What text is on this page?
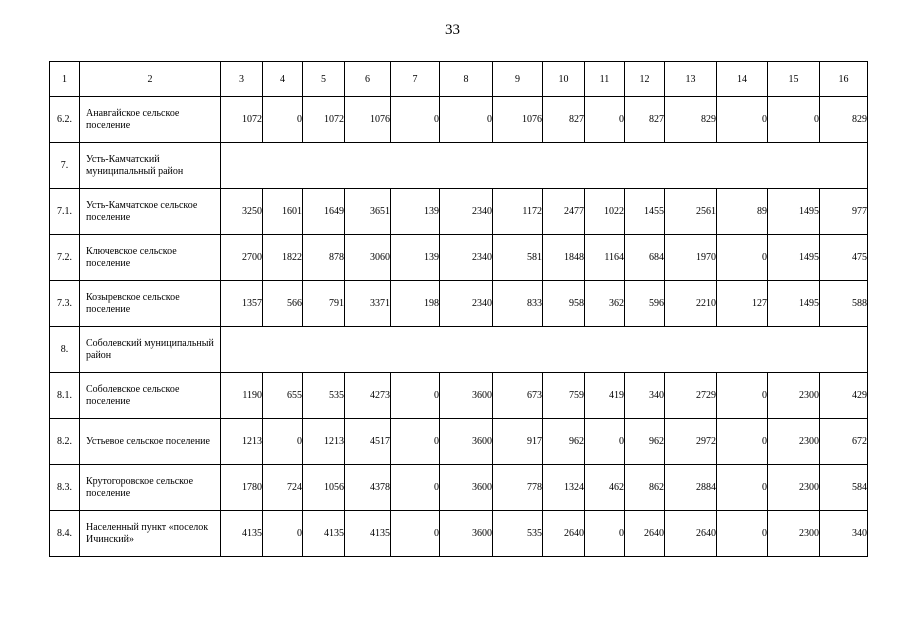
33
1	2	3	4	5	6	7	8	9	10	11	12	13	14	15	16
6.2.	Анавгайское сельское поселение	1072	0	1072	1076	0	0	1076	827	0	827	829	0	0	829
7.	Усть-Камчатский муниципальный район														
7.1.	Усть-Камчатское сельское поселение	3250	1601	1649	3651	139	2340	1172	2477	1022	1455	2561	89	1495	977
7.2.	Ключевское сельское поселение	2700	1822	878	3060	139	2340	581	1848	1164	684	1970	0	1495	475
7.3.	Козыревское сельское поселение	1357	566	791	3371	198	2340	833	958	362	596	2210	127	1495	588
8.	Соболевский муниципальный район														
8.1.	Соболевское сельское поселение	1190	655	535	4273	0	3600	673	759	419	340	2729	0	2300	429
8.2.	Устьевое сельское поселение	1213	0	1213	4517	0	3600	917	962	0	962	2972	0	2300	672
8.3.	Крутогоровское сельское поселение	1780	724	1056	4378	0	3600	778	1324	462	862	2884	0	2300	584
8.4.	Населенный пункт «поселок Ичинский»	4135	0	4135	4135	0	3600	535	2640	0	2640	2640	0	2300	340
